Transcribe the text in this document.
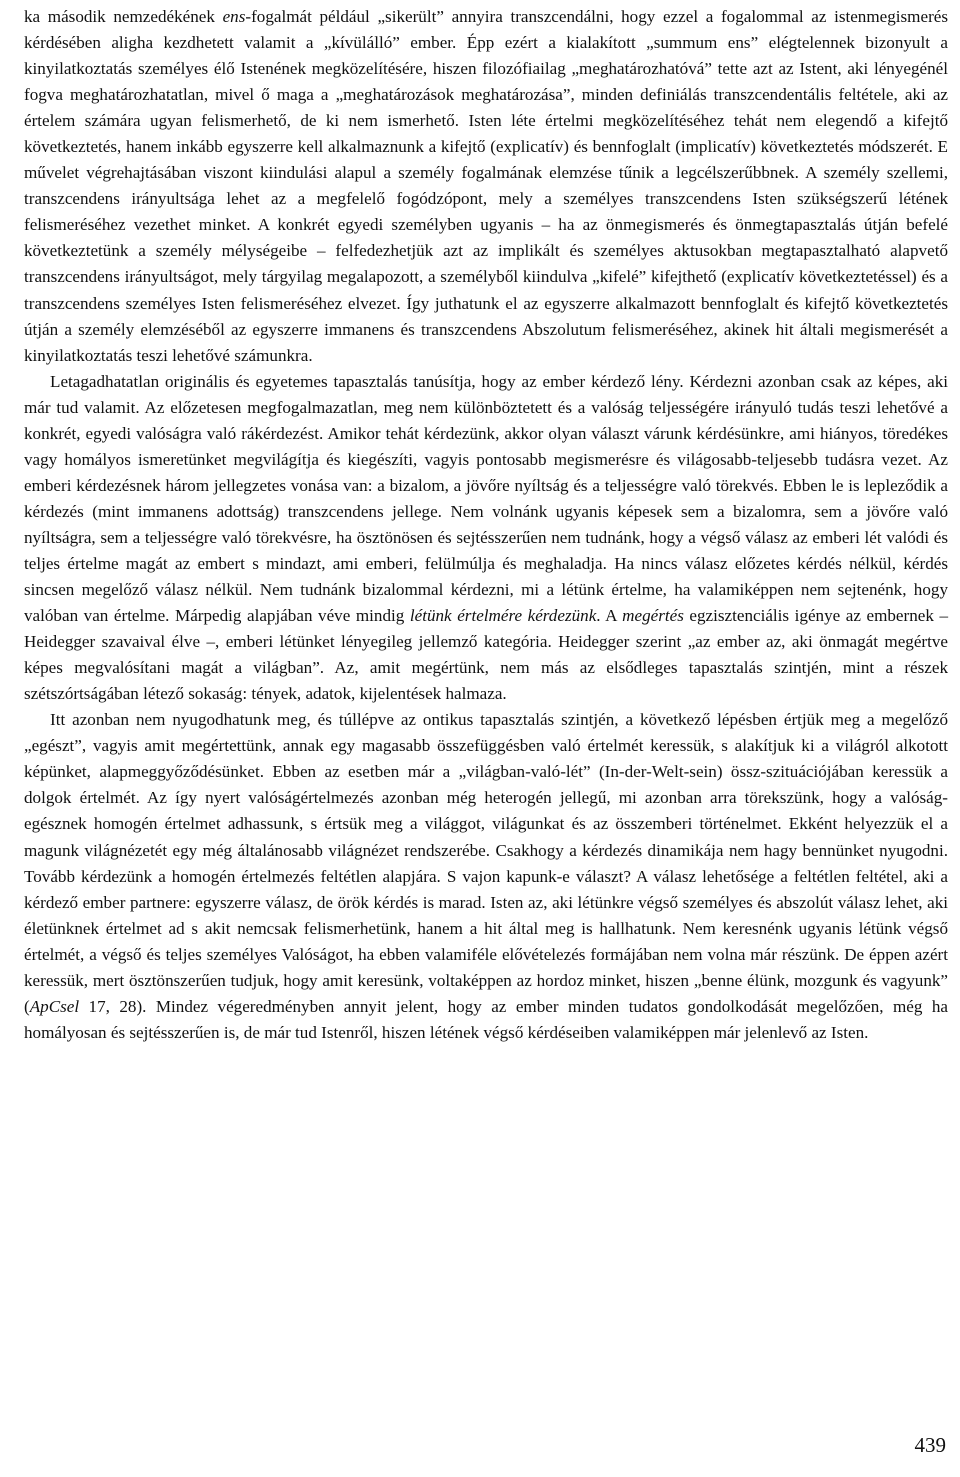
ka második nemzedékének ens-fogalmát például „sikerült” annyira transzcendálni, hogy ezzel a fogalommal az istenmegismerés kérdésében aligha kezdhetett valamit a „kívülálló” ember. Épp ezért a kialakított „summum ens” elégtelennek bizonyult a kinyilatkoztatás személyes élő Istenének megközelítésére, hiszen filozófiailag „meghatározhatóvá” tette azt az Istent, aki lényegénél fogva meghatározhatatlan, mivel ő maga a „meghatározások meghatározása”, minden definiálás transzcendentális feltétele, aki az értelem számára ugyan felismerhető, de ki nem ismerhető. Isten léte értelmi megközelítéséhez tehát nem elegendő a kifejtő következtetés, hanem inkább egyszerre kell alkalmaznunk a kifejtő (explicatív) és bennfoglalt (implicatív) következtetés módszerét. E művelet végrehajtásában viszont kiindulási alapul a személy fogalmának elemzése tűnik a legcélszerűbbnek. A személy szellemi, transzcendens irányultsága lehet az a megfelelő fogódzópont, mely a személyes transzcendens Isten szükségszerű létének felismeréséhez vezethet minket. A konkrét egyedi személyben ugyanis – ha az önmegismerés és önmegtapasztalás útján befelé következtetünk a személy mélységeibe – felfedezhetjük azt az implikált és személyes aktusokban megtapasztalható alapvető transzcendens irányultságot, mely tárgyilag megalapozott, a személyből kiindulva „kifelé” kifejthető (explicatív következtetéssel) és a transzcendens személyes Isten felismeréséhez elvezet. Így juthatunk el az egyszerre alkalmazott bennfoglalt és kifejtő következtetés útján a személy elemzéséből az egyszerre immanens és transzcendens Abszolutum felismeréséhez, akinek hit általi megismerését a kinyilatkoztatás teszi lehetővé számunkra.

Letagadhatatlan originális és egyetemes tapasztalás tanúsítja, hogy az ember kérdező lény. Kérdezni azonban csak az képes, aki már tud valamit. Az előzetesen megfogalmazatlan, meg nem különböztetett és a valóság teljességére irányuló tudás teszi lehetővé a konkrét, egyedi valóságra való rákérdezést. Amikor tehát kérdezünk, akkor olyan választ várunk kérdésünkre, ami hiányos, töredékes vagy homályos ismeretünket megvilágítja és kiegészíti, vagyis pontosabb megismerésre és világosabb-teljesebb tudásra vezet. Az emberi kérdezésnek három jellegzetes vonása van: a bizalom, a jövőre nyíltság és a teljességre való törekvés. Ebben le is lepleződik a kérdezés (mint immanens adottság) transzcendens jellege. Nem volnánk ugyanis képesek sem a bizalomra, sem a jövőre való nyíltságra, sem a teljességre való törekvésre, ha ösztönösen és sejtésszerűen nem tudnánk, hogy a végső válasz az emberi lét valódi és teljes értelme magát az embert s mindazt, ami emberi, felülmúlja és meghaladja. Ha nincs válasz előzetes kérdés nélkül, kérdés sincsen megelőző válasz nélkül. Nem tudnánk bizalommal kérdezni, mi a létünk értelme, ha valamiképpen nem sejtenénk, hogy valóban van értelme. Márpedig alapjában véve mindig létünk értelmére kérdezünk. A megértés egzisztenciális igénye az embernek – Heidegger szavaival élve –, emberi létünket lényegileg jellemző kategória. Heidegger szerint „az ember az, aki önmagát megértve képes megvalósítani magát a világban”. Az, amit megértünk, nem más az elsődleges tapasztalás szintjén, mint a részek szétszórtságában létező sokaság: tények, adatok, kijelentések halmaza.

Itt azonban nem nyugodhatunk meg, és túllépve az ontikus tapasztalás szintjén, a következő lépésben értjük meg a megelőző „egészt”, vagyis amit megértettünk, annak egy magasabb összefüggésben való értelmét keressük, s alakítjuk ki a világról alkotott képünket, alapmeggyőződésünket. Ebben az esetben már a „világban-való-lét” (In-der-Welt-sein) össz-szituációjában keressük a dolgok értelmét. Az így nyert valóságértelmezés azonban még heterogén jellegű, mi azonban arra törekszünk, hogy a valóság-egésznek homogén értelmet adhassunk, s értsük meg a világgot, világunkat és az összemberi történelmet. Ekként helyezzük el a magunk világnézetét egy még általánosabb világnézet rendszerébe. Csakhogy a kérdezés dinamikája nem hagy bennünket nyugodni. Tovább kérdezünk a homogén értelmezés feltétlen alapjára. S vajon kapunk-e választ? A válasz lehetősége a feltétlen feltétel, aki a kérdező ember partnere: egyszerre válasz, de örök kérdés is marad. Isten az, aki létünkre végső személyes és abszolút válasz lehet, aki életünknek értelmet ad s akit nemcsak felismerhetünk, hanem a hit által meg is hallhatunk. Nem keresnénk ugyanis létünk végső értelmét, a végső és teljes személyes Valóságot, ha ebben valamiféle elővételezés formájában nem volna már részünk. De éppen azért keressük, mert ösztönszerűen tudjuk, hogy amit keresünk, voltaképpen az hordoz minket, hiszen „benne élünk, mozgunk és vagyunk” (ApCsel 17, 28). Mindez végeredményben annyit jelent, hogy az ember minden tudatos gondolkodását megelőzően, még ha homályosan és sejtésszerűen is, de már tud Istenről, hiszen létének végső kérdéseiben valamiképpen már jelenlevő az Isten.

439
